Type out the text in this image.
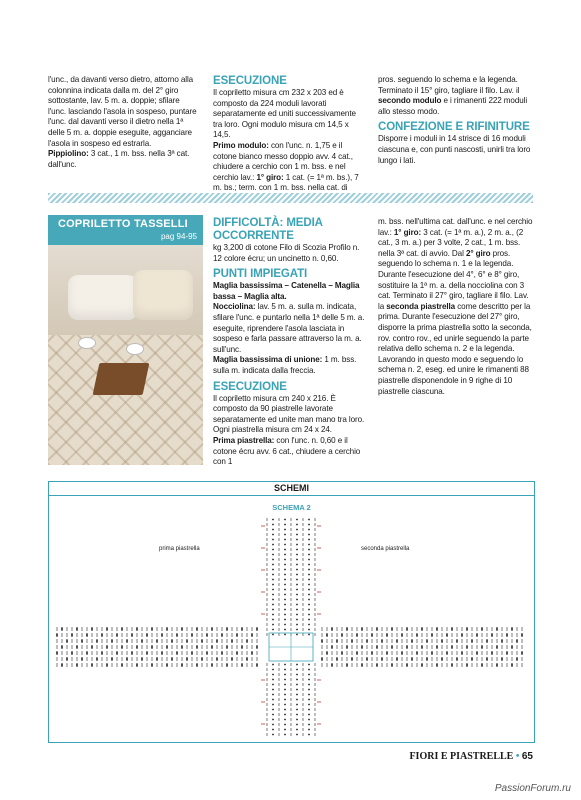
l'unc., da davanti verso dietro, attorno alla colonnina indicata dalla m. del 2° giro sottostante, lav. 5 m. a. doppie; sfilare l'unc. lasciando l'asola in sospeso, puntare l'unc. dal davanti verso il dietro nella 1ª delle 5 m. a. doppie eseguite, agganciare l'asola in sospeso ed estrarla.

Pippiolino: 3 cat., 1 m. bss. nella 3ª cat. dall'unc.

ESECUZIONE

Il copriletto misura cm 232 x 203 ed è composto da 224 moduli lavorati separatamente ed uniti successivamente tra loro. Ogni modulo misura cm 14,5 x 14,5.

Primo modulo: con l'unc. n. 1,75 e il cotone bianco messo doppio avv. 4 cat., chiudere a cerchio con 1 m. bss. e nel cerchio lav.: 1° giro: 1 cat. (= 1ª m. bs.), 7 m. bs.; term. con 1 m. bss. nella cat. di

pros. seguendo lo schema e la legenda. Terminato il 15° giro, tagliare il filo. Lav. il secondo modulo e i rimanenti 222 moduli allo stesso modo.

CONFEZIONE E RIFINITURE

Disporre i moduli in 14 strisce di 16 moduli ciascuna e, con punti nascosti, unirli tra loro lungo i lati.

COPRILETTO TASSELLI
pag 94-95
DIFFICOLTÀ: MEDIA
OCCORRENTE

kg 3,200 di cotone Filo di Scozia Profilo n. 12 colore écru; un uncinetto n. 0,60.

PUNTI IMPIEGATI

Maglia bassissima – Catenella – Maglia bassa – Maglia alta.

Nocciolina: lav. 5 m. a. sulla m. indicata, sfilare l'unc. e puntarlo nella 1ª delle 5 m. a. eseguite, riprendere l'asola lasciata in sospeso e farla passare attraverso la m. a. sull'unc.

Maglia bassissima di unione: 1 m. bss. sulla m. indicata dalla freccia.

ESECUZIONE

Il copriletto misura cm 240 x 216. È composto da 90 piastrelle lavorate separatamente ed unite man mano tra loro. Ogni piastrella misura cm 24 x 24.

Prima piastrella: con l'unc. n. 0,60 e il cotone écru avv. 6 cat., chiudere a cerchio con 1

m. bss. nell'ultima cat. dall'unc. e nel cerchio lav.: 1° giro: 3 cat. (= 1ª m. a.), 2 m. a., (2 cat., 3 m. a.) per 3 volte, 2 cat., 1 m. bss. nella 3ª cat. di avvio. Dal 2° giro pros. seguendo lo schema n. 1 e la legenda. Durante l'esecuzione del 4°, 6° e 8° giro, sostituire la 1ª m. a. della nocciolina con 3 cat. Terminato il 27° giro, tagliare il filo. Lav. la seconda piastrella come descritto per la prima. Durante l'esecuzione del 27° giro, disporre la prima piastrella sotto la seconda, rov. contro rov., ed unirle seguendo la parte relativa dello schema n. 2 e la legenda. Lavorando in questo modo e seguendo lo schema n. 2, eseg. ed unire le rimanenti 88 piastrelle disponendole in 9 righe di 10 piastrelle ciascuna.

SCHEMI
SCHEMA 2
prima piastrella	seconda piastrella
FIORI E PIASTRELLE • 65
PassionForum.ru
